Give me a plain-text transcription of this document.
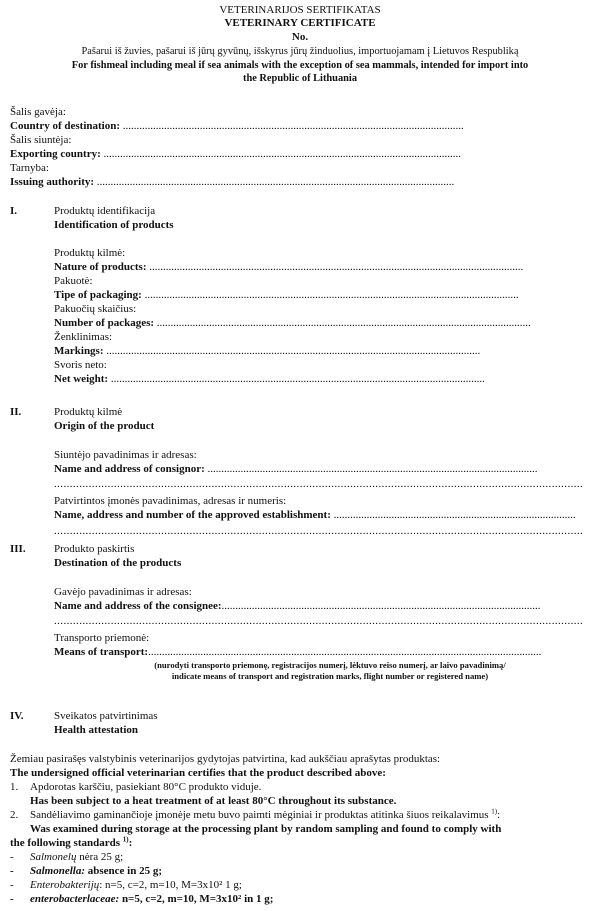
VETERINARIJOS SERTIFIKATAS
VETERINARY CERTIFICATE
No.
Pašarui iš žuvies, pašarui iš jūrų gyvūnų, išskyrus jūrų žinduolius, importuojamam į Lietuvos Respubliką
For fishmeal including meal if sea animals with the exception of sea mammals, intended for import into
the Republic of Lithuania
Šalis gavėja:
Country of destination: ............................................................................................................................
Šalis siuntėja:
Exporting country: ..................................................................................................................................
Tarnyba:
Issuing authority: ..................................................................................................................................
I.	Produktų identifikacija
Identification of products
Produktų kilmė:
Nature of products: ........................................................................................................................................
Pakuotė:
Tipe of packaging: ........................................................................................................................................
Pakuočių skaičius:
Number of packages: ........................................................................................................................................
Ženklinimas:
Markings: ........................................................................................................................................
Svoris neto:
Net weight: ........................................................................................................................................
II.	Produktų kilmė
Origin of the product
Siuntėjo pavadinimas ir adresas:
Name and address of consignor: ........................................................................................................................
........................................................................................................................................................................
Patvirtintos įmonės pavadinimas, adresas ir numeris:
Name, address and number of the approved establishment: ........................................................................................
........................................................................................................................................................................
III.	Produkto paskirtis
Destination of the products
Gavėjo pavadinimas ir adresas:
Name and address of the consignee:....................................................................................................................
........................................................................................................................................................................
Transporto priemonė:
Means of transport:...............................................................................................................................................
(nurodyti transporto priemonę, registracijos numerį, lėktuvo reiso numerį, ar laivo pavadinimą/
indicate means of transport and registration marks, flight number or registered name)
IV.	Sveikatos patvirtinimas
Health attestation
Žemiau pasirašęs valstybinis veterinarijos gydytojas patvirtina, kad aukščiau aprašytas produktas:
The undersigned official veterinarian certifies that the product described above:
1. Apdorotas karščiu, pasiekiant 80°C produkto viduje.
Has been subject to a heat treatment of at least 80°C throughout its substance.
2. Sandėliavimo gaminančioje įmonėje metu buvo paimti mėginiai ir produktas atitinka šiuos reikalavimus $^{1)}$:
Was examined during storage at the processing plant by random sampling and found to comply with
the following standards $^{1)}$:
- Salmonelų nėra 25 g;
- Salmonella: absence in 25 g;
- Enterobakterijų: n=5, c=2, m=10, M=3x10² 1 g;
- enterobacterlaceae: n=5, c=2, m=10, M=3x10² in 1 g;
